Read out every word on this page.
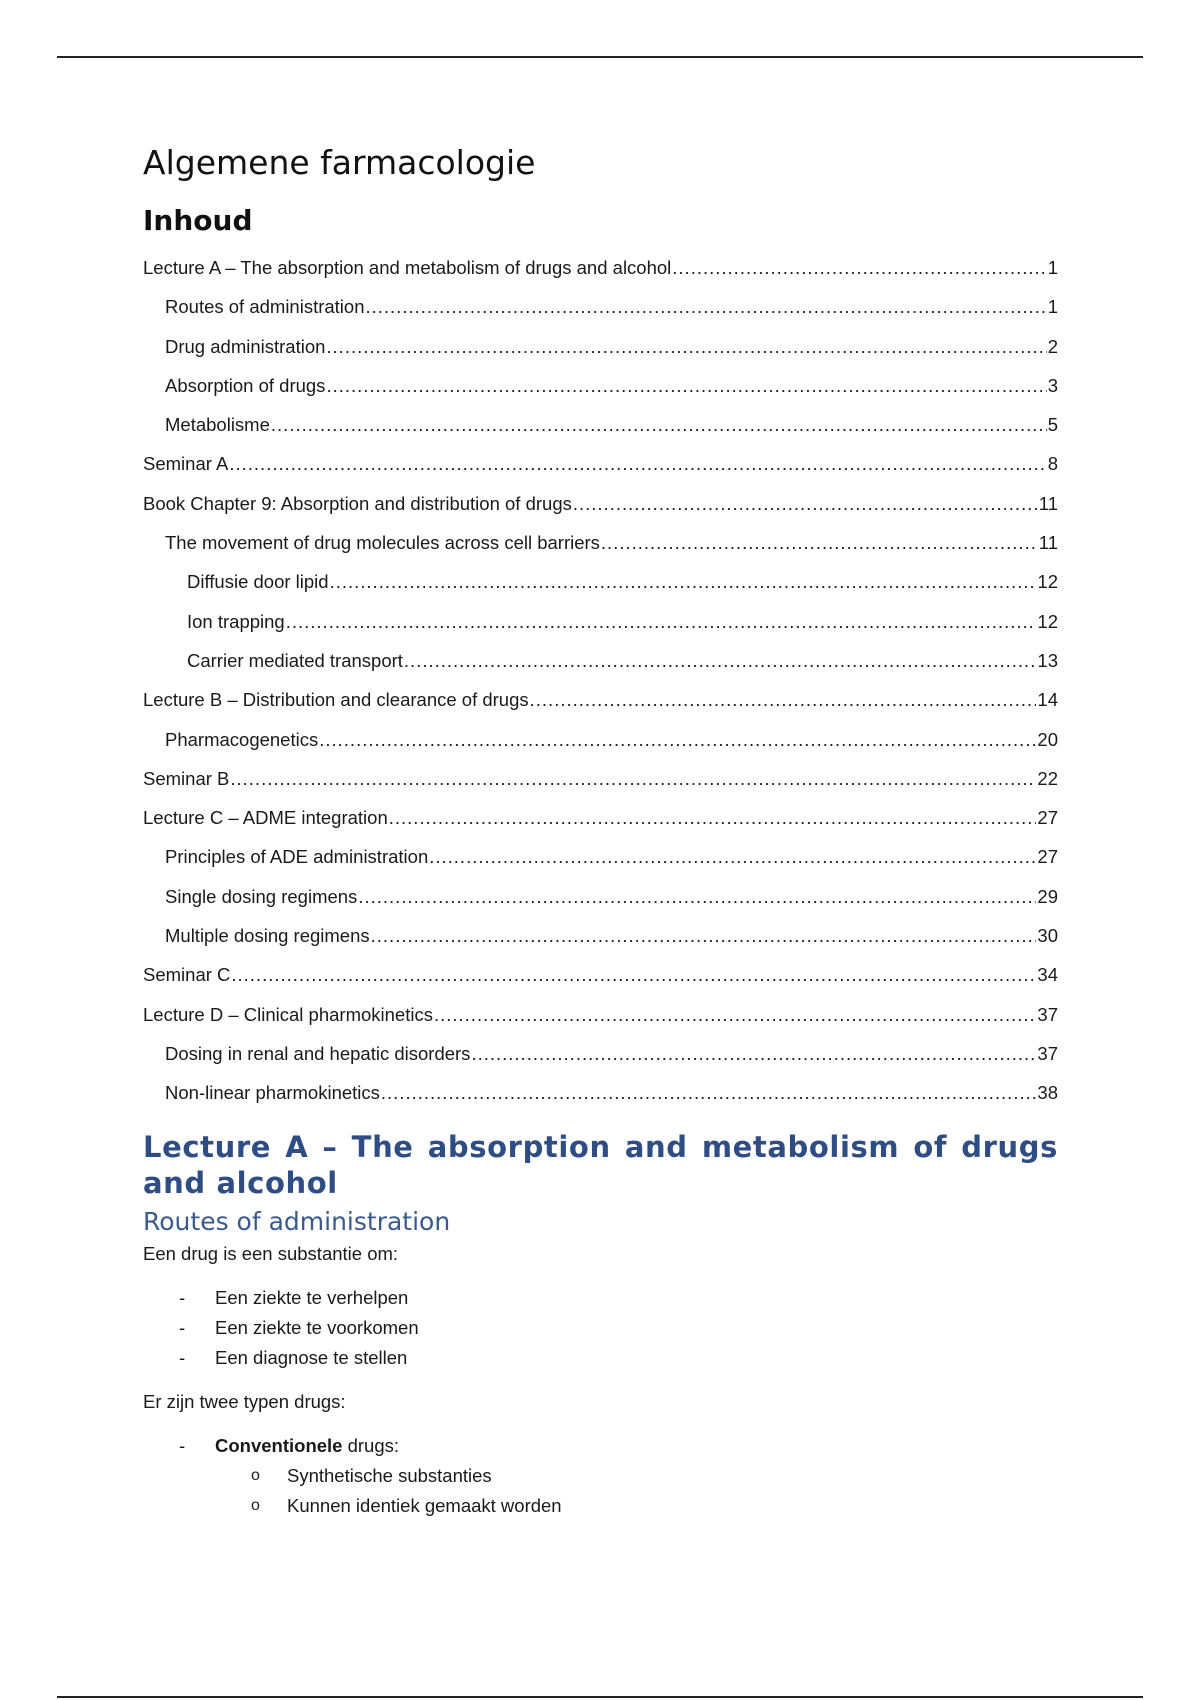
Algemene farmacologie
Inhoud
Lecture A – The absorption and metabolism of drugs and alcohol .....	1
Routes of administration .....	1
Drug administration .....	2
Absorption of drugs .....	3
Metabolisme .....	5
Seminar A .....	8
Book Chapter 9: Absorption and distribution of drugs .....	11
The movement of drug molecules across cell barriers .....	11
Diffusie door lipid .....	12
Ion trapping .....	12
Carrier mediated transport .....	13
Lecture B – Distribution and clearance of drugs .....	14
Pharmacogenetics .....	20
Seminar B .....	22
Lecture C – ADME integration .....	27
Principles of ADE administration .....	27
Single dosing regimens .....	29
Multiple dosing regimens .....	30
Seminar C .....	34
Lecture D – Clinical pharmokinetics .....	37
Dosing in renal and hepatic disorders .....	37
Non-linear pharmokinetics .....	38
Lecture A – The absorption and metabolism of drugs and alcohol
Routes of administration

Een drug is een substantie om:

- Een ziekte te verhelpen
- Een ziekte te voorkomen
- Een diagnose te stellen

Er zijn twee typen drugs:

- Conventionele drugs:
o Synthetische substanties
o Kunnen identiek gemaakt worden
